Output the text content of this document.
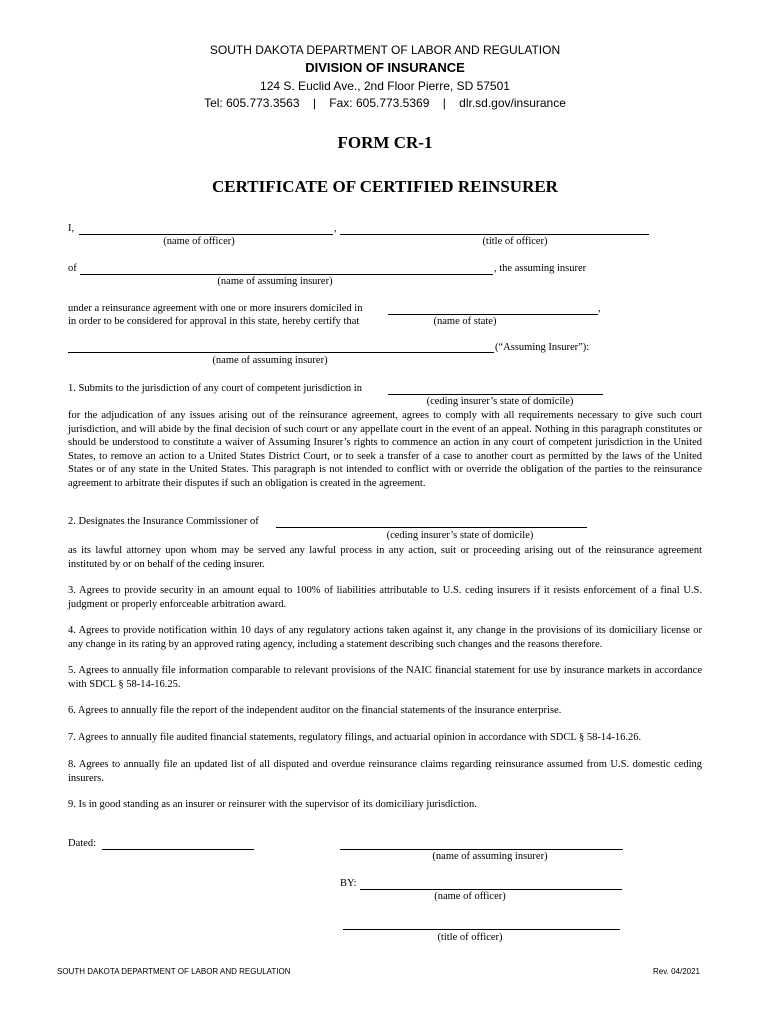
SOUTH DAKOTA DEPARTMENT OF LABOR AND REGULATION
DIVISION OF INSURANCE
124 S. Euclid Ave., 2nd Floor Pierre, SD 57501
Tel: 605.773.3563    |    Fax: 605.773.5369    |    dlr.sd.gov/insurance
FORM CR-1
CERTIFICATE OF CERTIFIED REINSURER
I,	,
(name of officer)	(title of officer)
of	, the assuming insurer
(name of assuming insurer)
under a reinsurance agreement with one or more insurers domiciled in	,
in order to be considered for approval in this state, hereby certify that	(name of state)
(“Assuming Insurer”):
(name of assuming insurer)
1. Submits to the jurisdiction of any court of competent jurisdiction in
(ceding insurer’s state of domicile)
for the adjudication of any issues arising out of the reinsurance agreement, agrees to comply with all requirements necessary to give such court jurisdiction, and will abide by the final decision of such court or any appellate court in the event of an appeal. Nothing in this paragraph constitutes or should be understood to constitute a waiver of Assuming Insurer’s rights to commence an action in any court of competent jurisdiction in the United States, to remove an action to a United States District Court, or to seek a transfer of a case to another court as permitted by the laws of the United States or of any state in the United States. This paragraph is not intended to conflict with or override the obligation of the parties to the reinsurance agreement to arbitrate their disputes if such an obligation is created in the agreement.
2. Designates the Insurance Commissioner of
(ceding insurer’s state of domicile)
as its lawful attorney upon whom may be served any lawful process in any action, suit or proceeding arising out of the reinsurance agreement instituted by or on behalf of the ceding insurer.
3. Agrees to provide security in an amount equal to 100% of liabilities attributable to U.S. ceding insurers if it resists enforcement of a final U.S. judgment or properly enforceable arbitration award.
4. Agrees to provide notification within 10 days of any regulatory actions taken against it, any change in the provisions of its domiciliary license or any change in its rating by an approved rating agency, including a statement describing such changes and the reasons therefore.
5. Agrees to annually file information comparable to relevant provisions of the NAIC financial statement for use by insurance markets in accordance with SDCL § 58-14-16.25.
6. Agrees to annually file the report of the independent auditor on the financial statements of the insurance enterprise.
7. Agrees to annually file audited financial statements, regulatory filings, and actuarial opinion in accordance with SDCL § 58-14-16.26.
8. Agrees to annually file an updated list of all disputed and overdue reinsurance claims regarding reinsurance assumed from U.S. domestic ceding insurers.
9. Is in good standing as an insurer or reinsurer with the supervisor of its domiciliary jurisdiction.
Dated:
(name of assuming insurer)
BY:
(name of officer)
(title of officer)
SOUTH DAKOTA DEPARTMENT OF LABOR AND REGULATION	Rev. 04/2021
